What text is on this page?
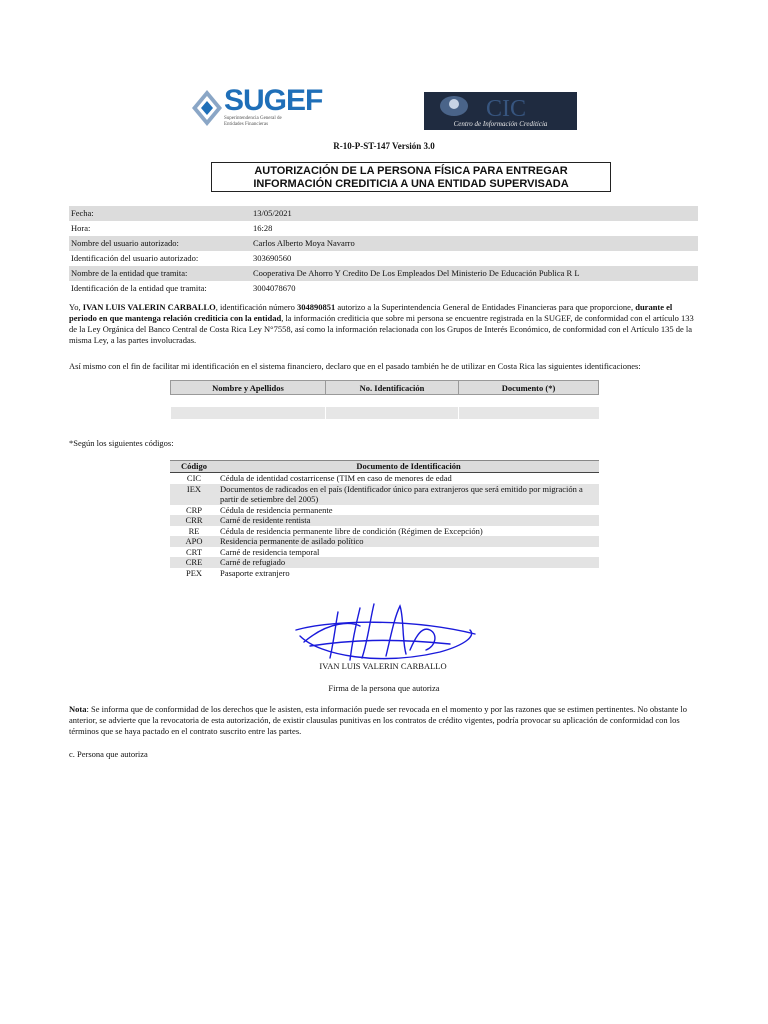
SUGEF
Superintendencia General de Entidades Financieras
CIC
Centro de Información Crediticia
R-10-P-ST-147 Versión 3.0
AUTORIZACIÓN DE LA PERSONA FÍSICA PARA ENTREGAR
INFORMACIÓN CREDITICIA A UNA ENTIDAD SUPERVISADA
Fecha:	13/05/2021
Hora:	16:28
Nombre del usuario autorizado:	Carlos Alberto Moya Navarro
Identificación del usuario autorizado:	303690560
Nombre de la entidad que tramita:	Cooperativa De Ahorro Y Credito De Los Empleados Del Ministerio De Educación Publica R L
Identificación de la entidad que tramita:	3004078670
Yo, IVAN LUIS VALERIN CARBALLO, identificación número 304890851 autorizo a la Superintendencia General de Entidades Financieras para que proporcione, durante el periodo en que mantenga relación crediticia con la entidad, la información crediticia que sobre mi persona se encuentre registrada en la SUGEF, de conformidad con el artículo 133 de la Ley Orgánica del Banco Central de Costa Rica Ley N°7558, así como la información relacionada con los Grupos de Interés Económico, de conformidad con el Artículo 135 de la misma Ley, a las partes involucradas.
Así mismo con el fin de facilitar mi identificación en el sistema financiero, declaro que en el pasado también he de utilizar en Costa Rica las siguientes identificaciones:
Nombre y Apellidos	No. Identificación	Documento (*)

*Según los siguientes códigos:
Código	Documento de Identificación
CIC	Cédula de identidad costarricense (TIM en caso de menores de edad
IEX	Documentos de radicados en el país (Identificador único para extranjeros que será emitido por migración a partir de setiembre del 2005)
CRP	Cédula de residencia permanente
CRR	Carné de residente rentista
RE	Cédula de residencia permanente libre de condición (Régimen de Excepción)
APO	Residencia permanente de asilado político
CRT	Carné de residencia temporal
CRE	Carné de refugiado
PEX	Pasaporte extranjero
IVAN LUIS VALERIN CARBALLO
Firma de la persona que autoriza
Nota: Se informa que de conformidad de los derechos que le asisten, esta información puede ser revocada en el momento y por las razones que se estimen pertinentes. No obstante lo anterior, se advierte que la revocatoria de esta autorización, de existir clausulas punitivas en los contratos de crédito vigentes, podría provocar su aplicación de conformidad con los términos que se haya pactado en el contrato suscrito entre las partes.
c. Persona que autoriza
